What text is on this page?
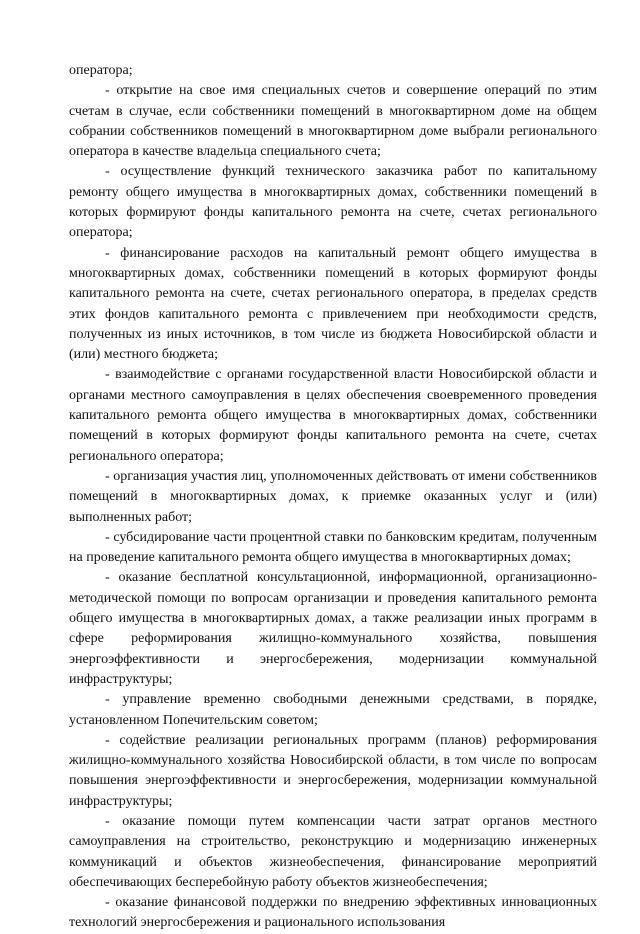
оператора;

- открытие на свое имя специальных счетов и совершение операций по этим счетам в случае, если собственники помещений в многоквартирном доме на общем собрании собственников помещений в многоквартирном доме выбрали регионального оператора в качестве владельца специального счета;

- осуществление функций технического заказчика работ по капитальному ремонту общего имущества в многоквартирных домах, собственники помещений в которых формируют фонды капитального ремонта на счете, счетах регионального оператора;

- финансирование расходов на капитальный ремонт общего имущества в многоквартирных домах, собственники помещений в которых формируют фонды капитального ремонта на счете, счетах регионального оператора, в пределах средств этих фондов капитального ремонта с привлечением при необходимости средств, полученных из иных источников, в том числе из бюджета Новосибирской области и (или) местного бюджета;

- взаимодействие с органами государственной власти Новосибирской области и органами местного самоуправления в целях обеспечения своевременного проведения капитального ремонта общего имущества в многоквартирных домах, собственники помещений в которых формируют фонды капитального ремонта на счете, счетах регионального оператора;

- организация участия лиц, уполномоченных действовать от имени собственников помещений в многоквартирных домах, к приемке оказанных услуг и (или) выполненных работ;

- субсидирование части процентной ставки по банковским кредитам, полученным на проведение капитального ремонта общего имущества в многоквартирных домах;

- оказание бесплатной консультационной, информационной, организационно-методической помощи по вопросам организации и проведения капитального ремонта общего имущества в многоквартирных домах, а также реализации иных программ в сфере реформирования жилищно-коммунального хозяйства, повышения энергоэффективности и энергосбережения, модернизации коммунальной инфраструктуры;

- управление временно свободными денежными средствами, в порядке, установленном Попечительским советом;

- содействие реализации региональных программ (планов) реформирования жилищно-коммунального хозяйства Новосибирской области, в том числе по вопросам повышения энергоэффективности и энергосбережения, модернизации коммунальной инфраструктуры;

- оказание помощи путем компенсации части затрат органов местного самоуправления на строительство, реконструкцию и модернизацию инженерных коммуникаций и объектов жизнеобеспечения, финансирование мероприятий обеспечивающих бесперебойную работу объектов жизнеобеспечения;

- оказание финансовой поддержки по внедрению эффективных инновационных технологий энергосбережения и рационального использования
